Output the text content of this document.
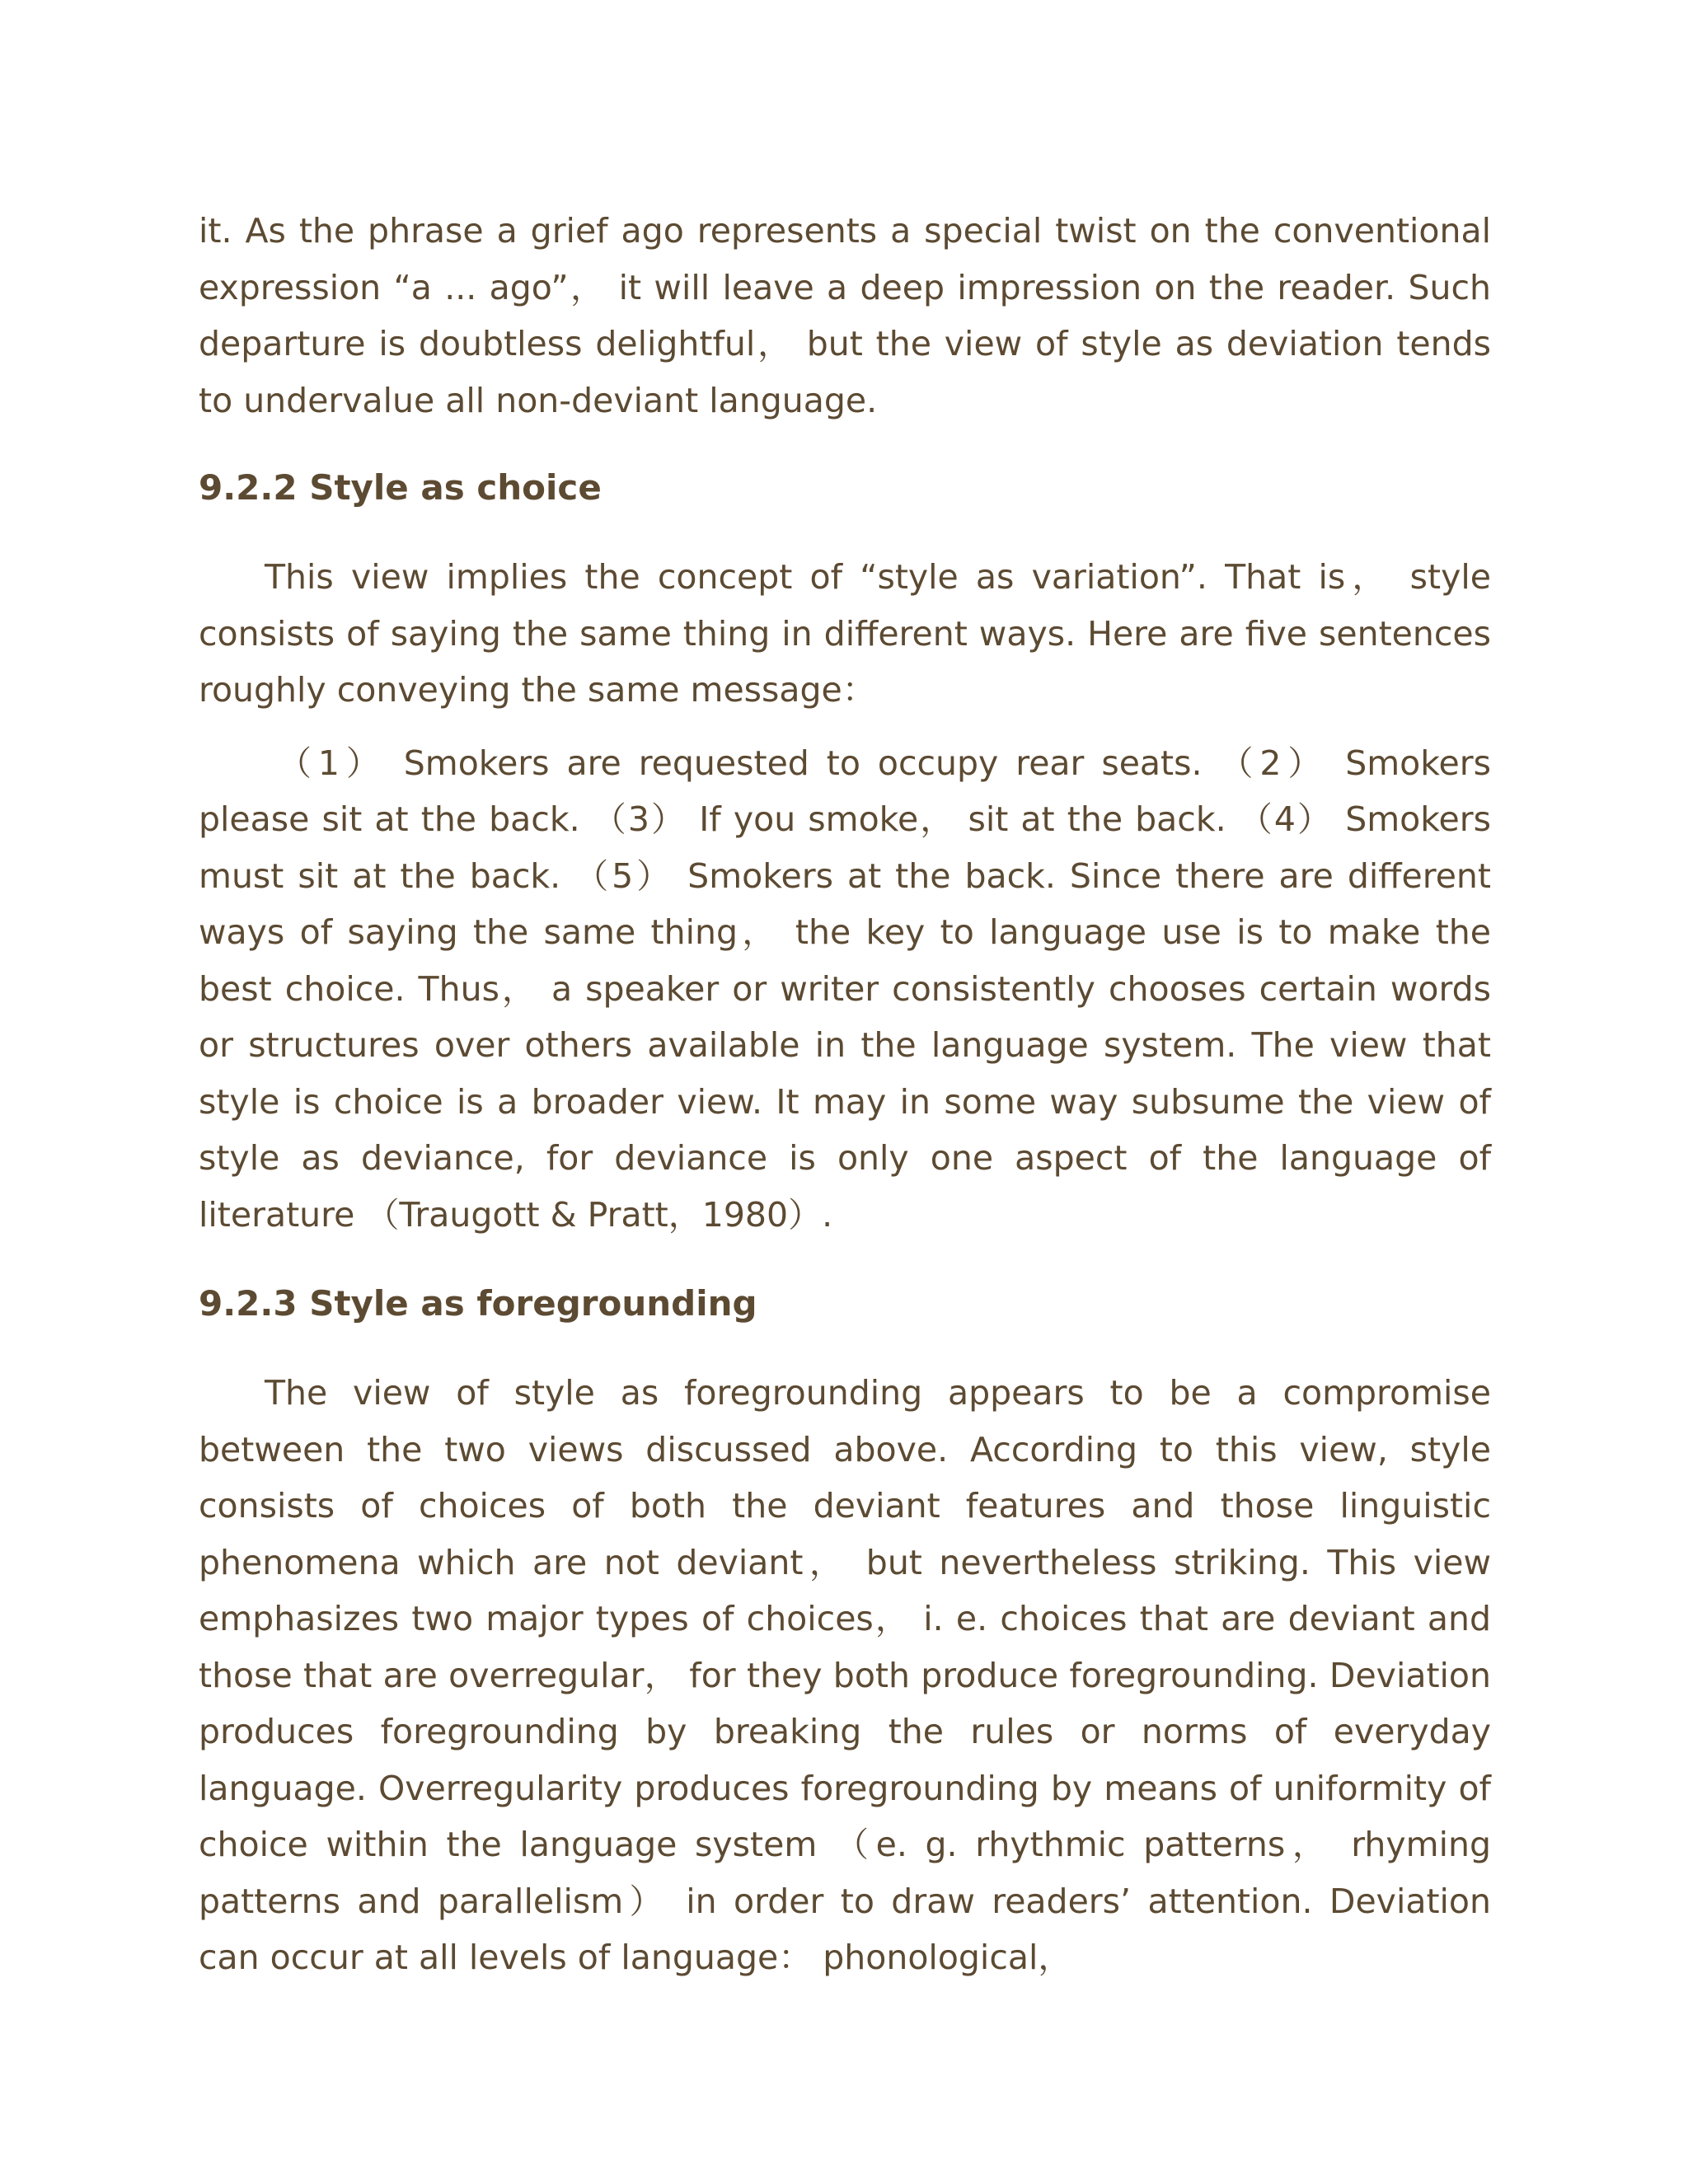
it. As the phrase a grief ago represents a special twist on the conventional expression “a ... ago”， it will leave a deep impression on the reader. Such departure is doubtless delightful， but the view of style as deviation tends to undervalue all non-deviant language.

9.2.2 Style as choice

This view implies the concept of “style as variation”. That is， style consists of saying the same thing in different ways. Here are five sentences roughly conveying the same message：

（1） Smokers are requested to occupy rear seats. （2） Smokers please sit at the back. （3） If you smoke， sit at the back. （4） Smokers must sit at the back. （5） Smokers at the back. Since there are different ways of saying the same thing， the key to language use is to make the best choice. Thus， a speaker or writer consistently chooses certain words or structures over others available in the language system. The view that style is choice is a broader view. It may in some way subsume the view of style as deviance, for deviance is only one aspect of the language of literature （Traugott & Pratt，1980）.

9.2.3 Style as foregrounding

The view of style as foregrounding appears to be a compromise between the two views discussed above. According to this view, style consists of choices of both the deviant features and those linguistic phenomena which are not deviant， but nevertheless striking. This view emphasizes two major types of choices， i. e. choices that are deviant and those that are overregular， for they both produce foregrounding. Deviation produces foregrounding by breaking the rules or norms of everyday language. Overregularity produces foregrounding by means of uniformity of choice within the language system （e. g. rhythmic patterns， rhyming patterns and parallelism） in order to draw readers’ attention. Deviation can occur at all levels of language： phonological，
